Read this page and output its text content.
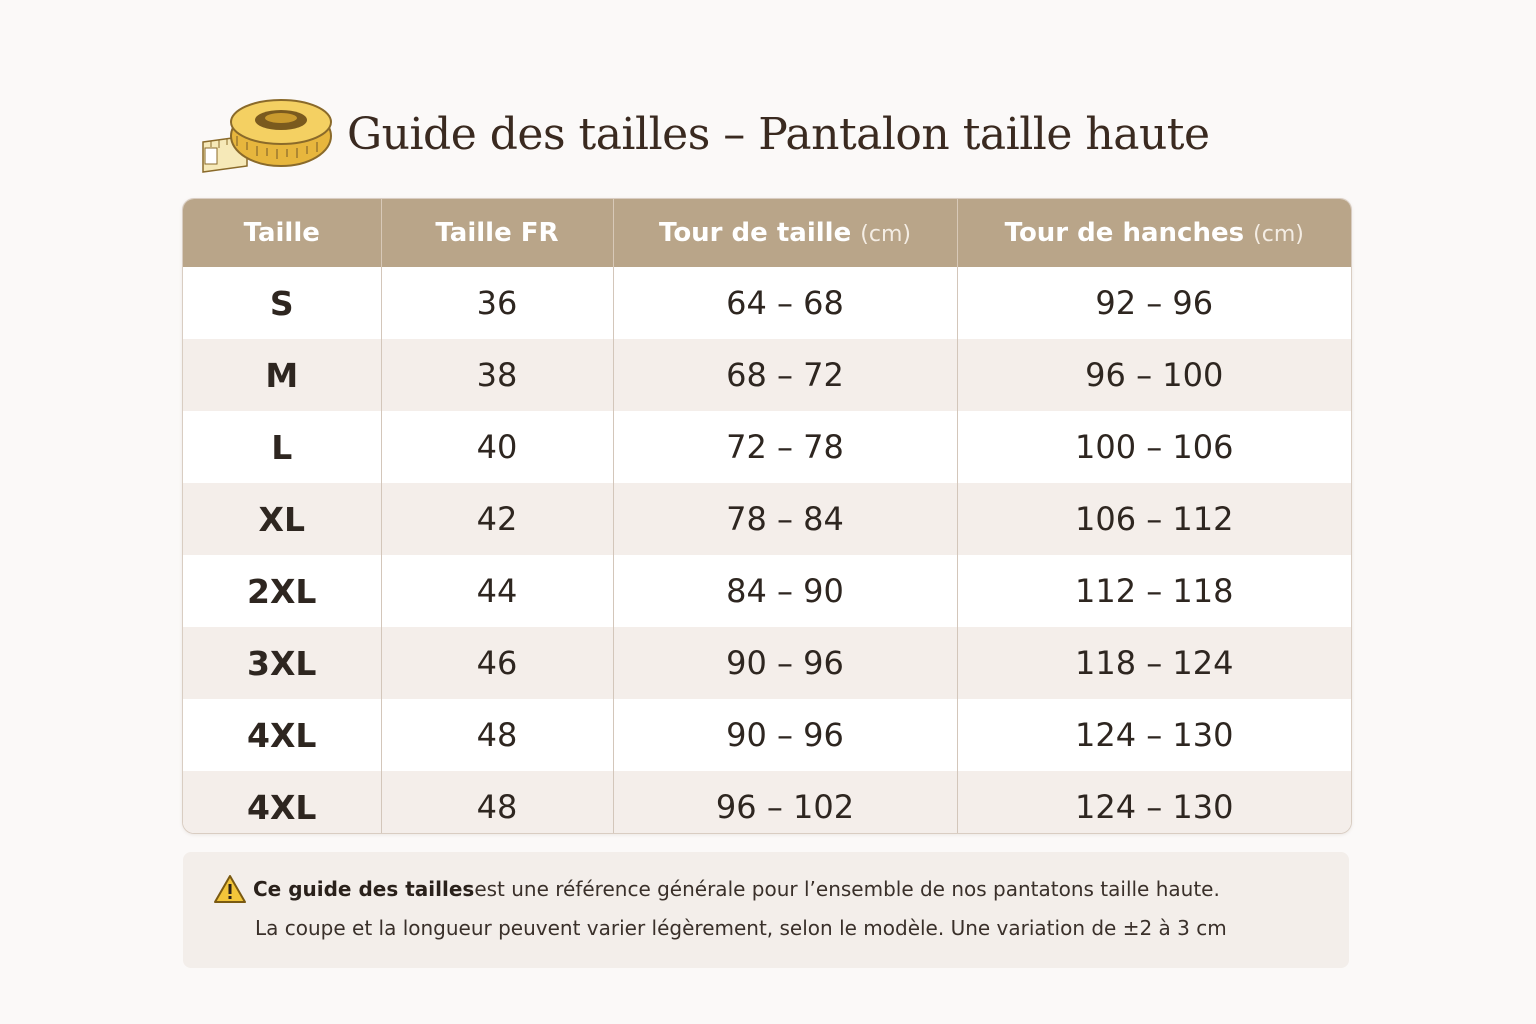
Guide des tailles – Pantalon taille haute
Taille	Taille FR	Tour de taille (cm)	Tour de hanches (cm)
S	36	64 – 68	92 – 96
M	38	68 – 72	96 – 100
L	40	72 – 78	100 – 106
XL	42	78 – 84	106 – 112
2XL	44	84 – 90	112 – 118
3XL	46	90 – 96	118 – 124
4XL	48	90 – 96	124 – 130
4XL	48	96 – 102	124 – 130
Ce guide des tailles est une référence générale pour l’ensemble de nos pantatons taille haute.
La coupe et la longueur peuvent varier légèrement, selon le modèle. Une variation de ±2 à 3 cm
